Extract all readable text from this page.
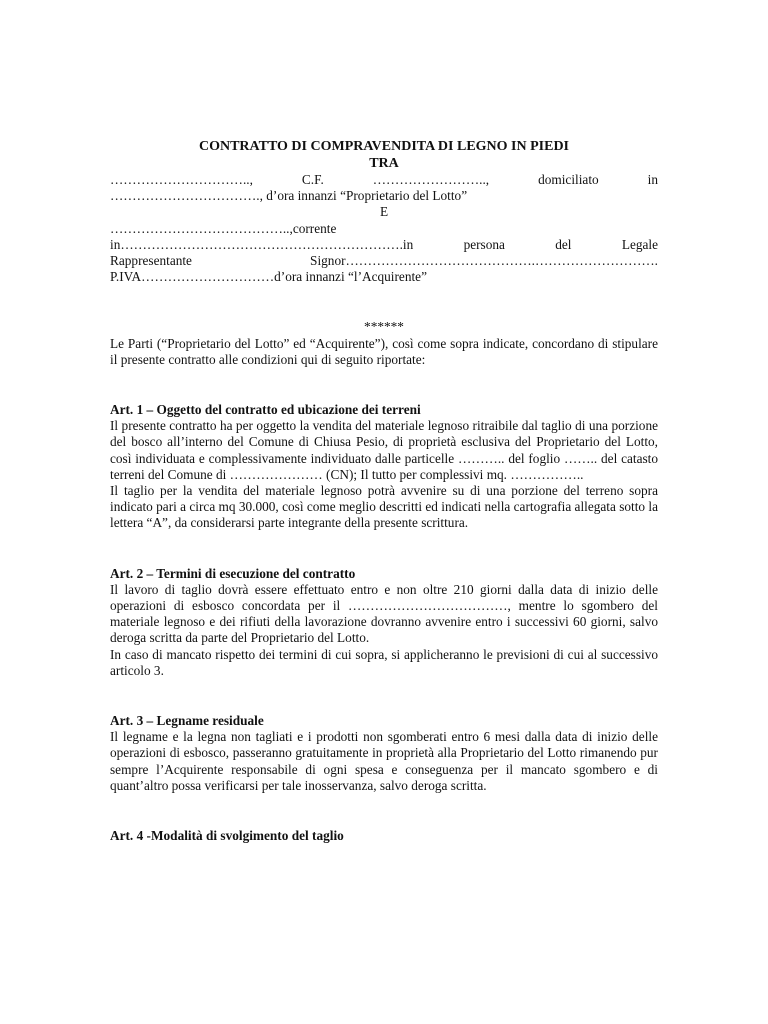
CONTRATTO DI COMPRAVENDITA DI LEGNO IN PIEDI
TRA
………………………….., C.F. …………………….., domiciliato in
……………………………., d’ora innanzi “Proprietario del Lotto”
E
…………………………………..,corrente
in……………………………………………………….in persona del Legale
Rappresentante Signor…………………………………….……………………….
P.IVA…………………………d’ora innanzi “l’Acquirente”
******
Le Parti (“Proprietario del Lotto” ed “Acquirente”), così come sopra indicate, concordano di stipulare il presente contratto alle condizioni qui di seguito riportate:
Art. 1 – Oggetto del contratto ed ubicazione dei terreni
Il presente contratto ha per oggetto la vendita del materiale legnoso ritraibile dal taglio di una porzione del bosco all’interno del Comune di Chiusa Pesio, di proprietà esclusiva del Proprietario del Lotto, così individuata e complessivamente individuato dalle particelle ……….. del foglio …….. del catasto terreni del Comune di ………………… (CN); Il tutto per complessivi mq. ……………..
Il taglio per la vendita del materiale legnoso potrà avvenire su di una porzione del terreno sopra indicato pari a circa mq 30.000, così come meglio descritti ed indicati nella cartografia allegata sotto la lettera “A”, da considerarsi parte integrante della presente scrittura.
Art. 2 – Termini di esecuzione del contratto
Il lavoro di taglio dovrà essere effettuato entro e non oltre 210 giorni dalla data di inizio delle operazioni di esbosco concordata per il ………………………………, mentre lo sgombero del materiale legnoso e dei rifiuti della lavorazione dovranno avvenire entro i successivi 60 giorni, salvo deroga scritta da parte del Proprietario del Lotto.
In caso di mancato rispetto dei termini di cui sopra, si applicheranno le previsioni di cui al successivo articolo 3.
Art. 3 – Legname residuale
Il legname e la legna non tagliati e i prodotti non sgomberati entro 6 mesi dalla data di inizio delle operazioni di esbosco, passeranno gratuitamente in proprietà alla Proprietario del Lotto rimanendo pur sempre l’Acquirente responsabile di ogni spesa e conseguenza per il mancato sgombero e di quant’altro possa verificarsi per tale inosservanza, salvo deroga scritta.
Art. 4 -Modalità di svolgimento del taglio
